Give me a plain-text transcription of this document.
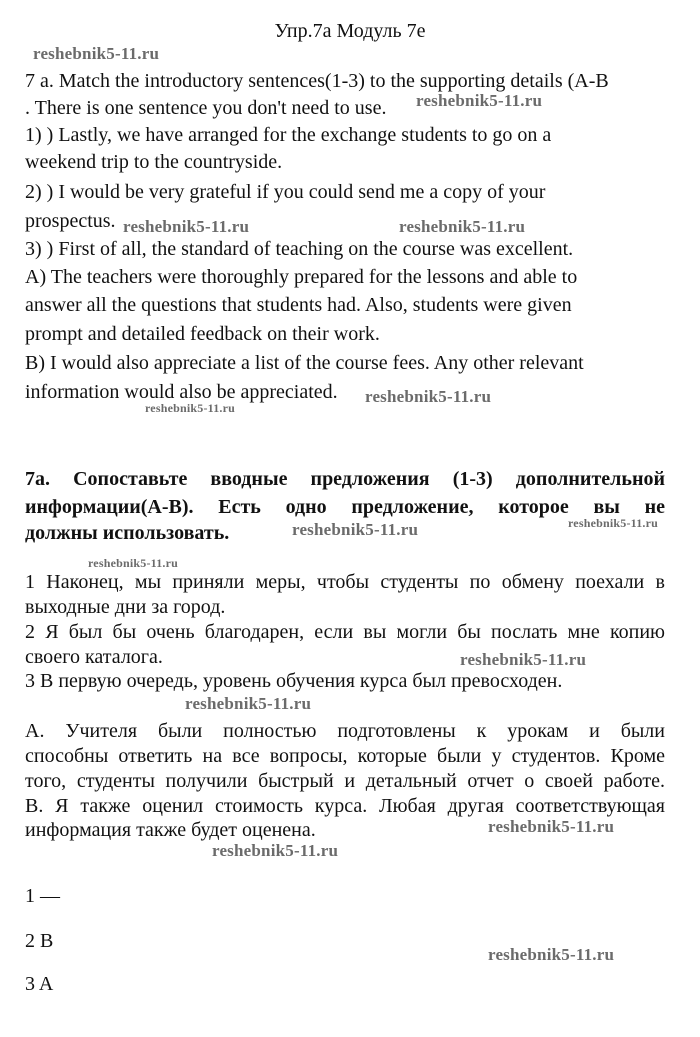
Упр.7а Модуль 7e
7 a. Match the introductory sentences(1-3) to the supporting details (A-B
. There is one sentence you don't need to use.
1) ) Lastly, we have arranged for the exchange students to go on a
weekend trip to the countryside.
2) ) I would be very grateful if you could send me a copy of your
prospectus.
3) ) First of all, the standard of teaching on the course was excellent.
A) The teachers were thoroughly prepared for the lessons and able to
answer all the questions that students had. Also, students were given
prompt and detailed feedback on their work.
B) I would also appreciate a list of the course fees. Any other relevant
information would also be appreciated.
7а. Сопоставьте вводные предложения (1-3) дополнительной
информации(А-В). Есть одно предложение, которое вы не
должны использовать.
1 Наконец, мы приняли меры, чтобы студенты по обмену поехали в
выходные дни за город.
2 Я был бы очень благодарен, если вы могли бы послать мне копию
своего каталога.
3 В первую очередь, уровень обучения курса был превосходен.
А. Учителя были полностью подготовлены к урокам и были
способны ответить на все вопросы, которые были у студентов. Кроме
того, студенты получили быстрый и детальный отчет о своей работе.
В. Я также оценил стоимость курса. Любая другая соответствующая
информация также будет оценена.
1 —
2 B
3 A
reshebnik5-11.ru
reshebnik5-11.ru
reshebnik5-11.ru	reshebnik5-11.ru
reshebnik5-11.ru
reshebnik5-11.ru
reshebnik5-11.ru	reshebnik5-11.ru
reshebnik5-11.ru
reshebnik5-11.ru
reshebnik5-11.ru
reshebnik5-11.ru
reshebnik5-11.ru
reshebnik5-11.ru
